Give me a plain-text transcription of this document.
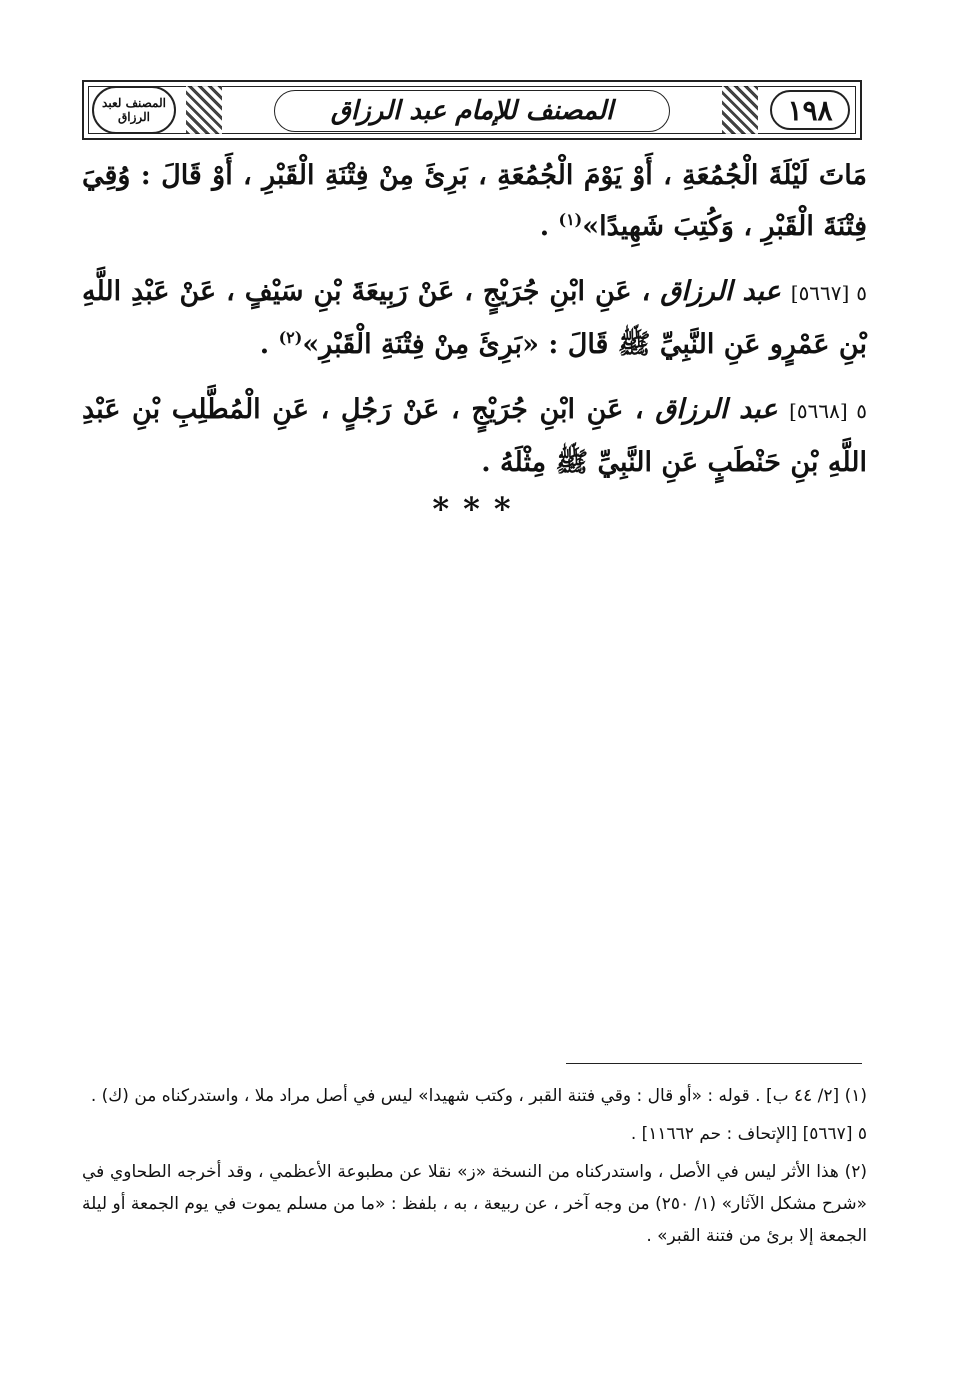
المصنف لعبد الرزاق	١٩٨
المصنف للإمام عبد الرزاق

مَاتَ لَيْلَةَ الْجُمُعَةِ ، أَوْ يَوْمَ الْجُمُعَةِ ، بَرِئَ مِنْ فِتْنَةِ الْقَبْرِ ، أَوْ قَالَ : وُقِيَ فِتْنَةَ الْقَبْرِ ، وَكُتِبَ شَهِيدًا»$^{(١)}$ .

٥ [٥٦٦٧] عبد الرزاق ، عَنِ ابْنِ جُرَيْجٍ ، عَنْ رَبِيعَةَ بْنِ سَيْفٍ ، عَنْ عَبْدِ اللَّهِ بْنِ عَمْرٍو عَنِ النَّبِيِّ ﷺ قَالَ : «بَرِئَ مِنْ فِتْنَةِ الْقَبْرِ»$^{(٢)}$ .

٥ [٥٦٦٨] عبد الرزاق ، عَنِ ابْنِ جُرَيْجٍ ، عَنْ رَجُلٍ ، عَنِ الْمُطَّلِبِ بْنِ عَبْدِ اللَّهِ بْنِ حَنْطَبٍ عَنِ النَّبِيِّ ﷺ مِثْلَهُ .

***

(١) [٢/ ٤٤ ب] . قوله : «أو قال : وقي فتنة القبر ، وكتب شهيدا» ليس في أصل مراد ملا ، واستدركناه من (ك) .

٥ [٥٦٦٧] [الإتحاف : حم ١١٦٦٢] .

(٢) هذا الأثر ليس في الأصل ، واستدركناه من النسخة «ز» نقلا عن مطبوعة الأعظمي ، وقد أخرجه الطحاوي في «شرح مشكل الآثار» (١/ ٢٥٠) من وجه آخر ، عن ربيعة ، به ، بلفظ : «ما من مسلم يموت في يوم الجمعة أو ليلة الجمعة إلا برئ من فتنة القبر» .
